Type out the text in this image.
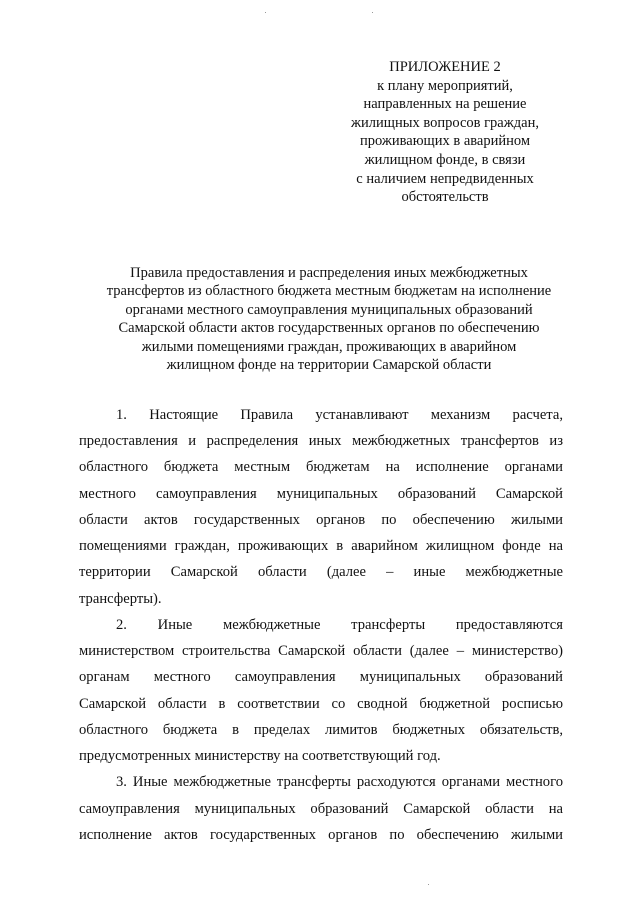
ПРИЛОЖЕНИЕ 2
к плану мероприятий,
направленных на решение
жилищных вопросов граждан,
проживающих в аварийном
жилищном фонде, в связи
с наличием непредвиденных
обстоятельств
Правила предоставления и распределения иных межбюджетных
трансфертов из областного бюджета местным бюджетам на исполнение
органами местного самоуправления муниципальных образований
Самарской области актов государственных органов по обеспечению
жилыми помещениями граждан, проживающих в аварийном
жилищном фонде на территории Самарской области
1. Настоящие Правила устанавливают механизм расчета,
предоставления и распределения иных межбюджетных трансфертов из
областного бюджета местным бюджетам на исполнение органами
местного самоуправления муниципальных образований Самарской
области актов государственных органов по обеспечению жилыми
помещениями граждан, проживающих в аварийном жилищном фонде на
территории Самарской области (далее – иные межбюджетные
трансферты).
2. Иные межбюджетные трансферты предоставляются
министерством строительства Самарской области (далее – министерство)
органам местного самоуправления муниципальных образований
Самарской области в соответствии со сводной бюджетной росписью
областного бюджета в пределах лимитов бюджетных обязательств,
предусмотренных министерству на соответствующий год.
3. Иные межбюджетные трансферты расходуются органами местного
самоуправления муниципальных образований Самарской области на
исполнение актов государственных органов по обеспечению жилыми
